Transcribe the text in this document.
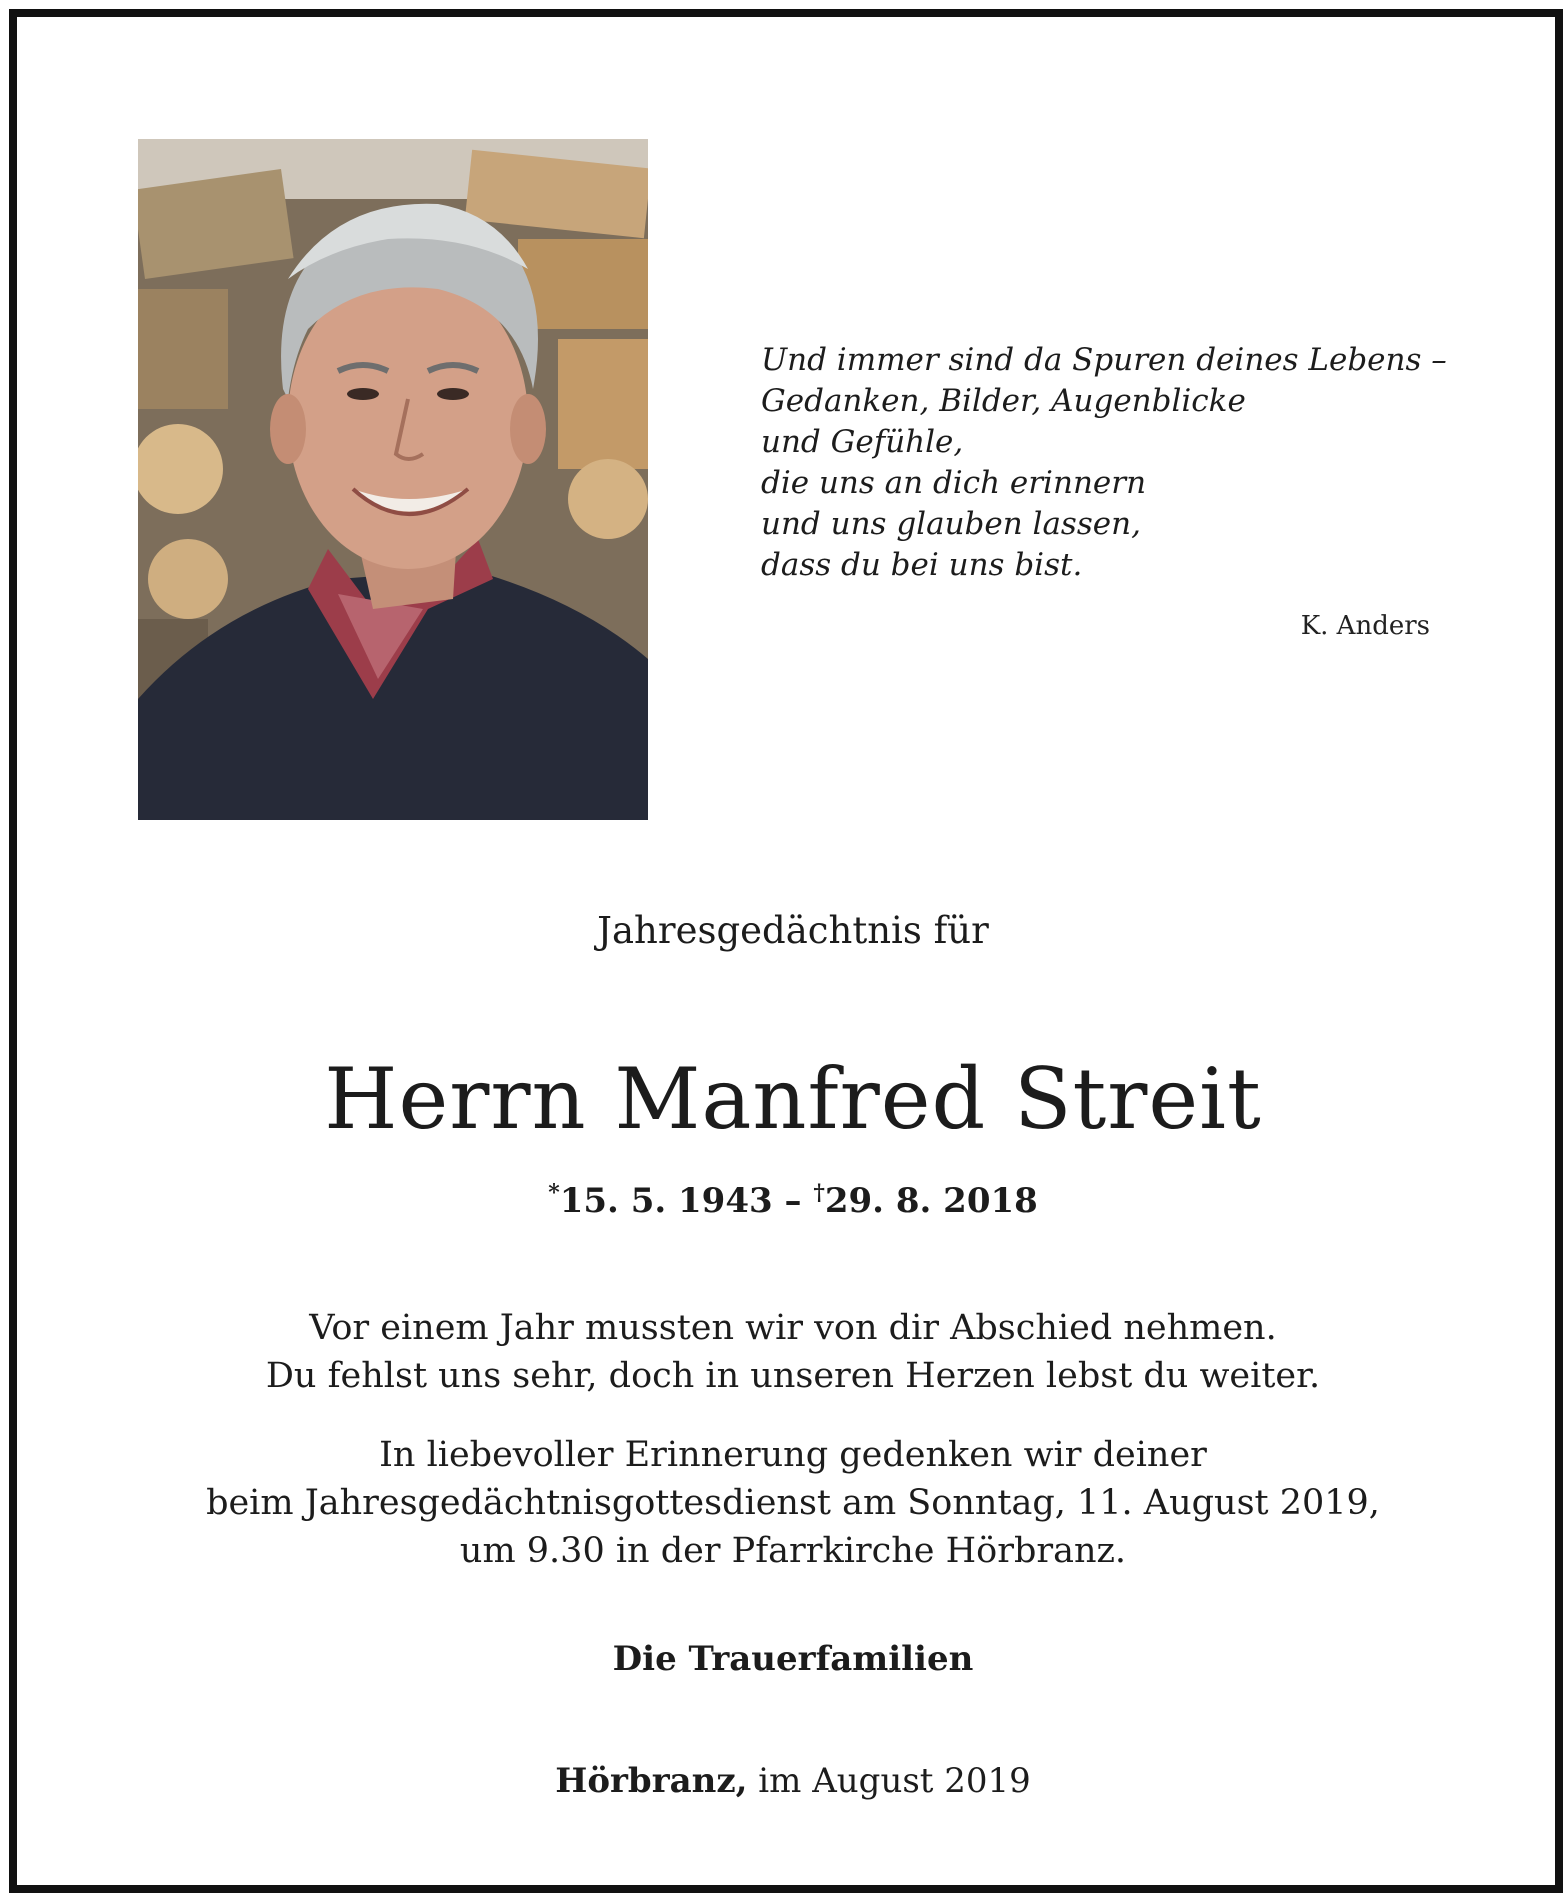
Und immer sind da Spuren deines Lebens –
Gedanken, Bilder, Augenblicke
und Gefühle,
die uns an dich erinnern
und uns glauben lassen,
dass du bei uns bist.
K. Anders
Jahresgedächtnis für
Herrn Manfred Streit
*15. 5. 1943 – †29. 8. 2018
Vor einem Jahr mussten wir von dir Abschied nehmen.
Du fehlst uns sehr, doch in unseren Herzen lebst du weiter.
In liebevoller Erinnerung gedenken wir deiner
beim Jahresgedächtnisgottesdienst am Sonntag, 11. August 2019,
um 9.30 in der Pfarrkirche Hörbranz.
Die Trauerfamilien
Hörbranz, im August 2019
